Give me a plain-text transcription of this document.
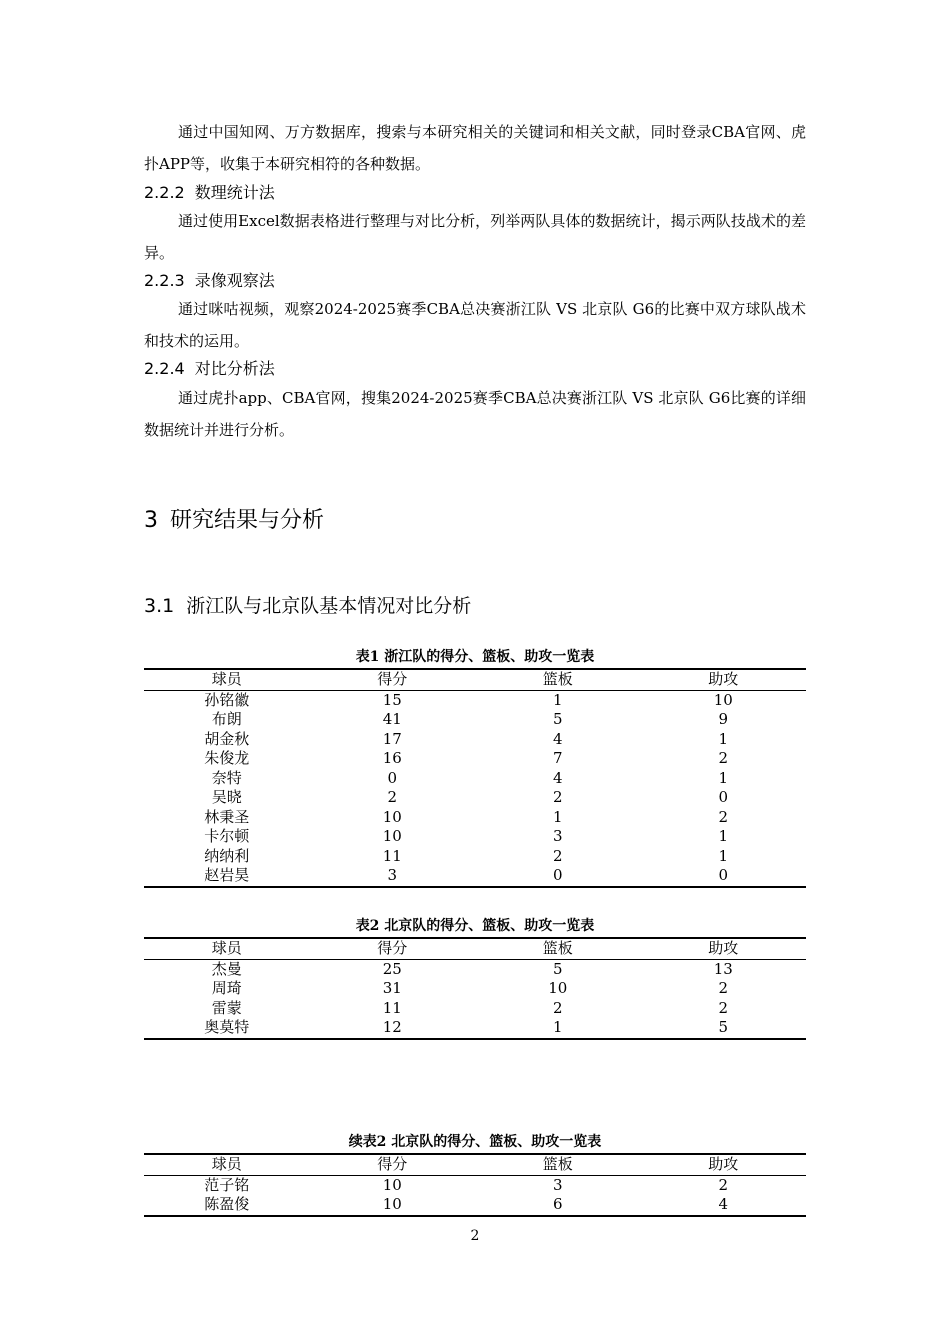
通过中国知网、万方数据库，搜索与本研究相关的关键词和相关文献，同时登录CBA官网、虎扑APP等，收集于本研究相符的各种数据。

2.2.2 数理统计法

通过使用Excel数据表格进行整理与对比分析，列举两队具体的数据统计，揭示两队技战术的差异。

2.2.3 录像观察法

通过咪咕视频，观察2024-2025赛季CBA总决赛浙江队 VS 北京队 G6的比赛中双方球队战术和技术的运用。

2.2.4 对比分析法

通过虎扑app、CBA官网，搜集2024-2025赛季CBA总决赛浙江队 VS 北京队 G6比赛的详细数据统计并进行分析。

3 研究结果与分析
3.1 浙江队与北京队基本情况对比分析
表1 浙江队的得分、篮板、助攻一览表
球员	得分	篮板	助攻
孙铭徽	15	1	10
布朗	41	5	9
胡金秋	17	4	1
朱俊龙	16	7	2
奈特	0	4	1
吴晓	2	2	0
林秉圣	10	1	2
卡尔顿	10	3	1
纳纳利	11	2	1
赵岩昊	3	0	0
表2 北京队的得分、篮板、助攻一览表
球员	得分	篮板	助攻
杰曼	25	5	13
周琦	31	10	2
雷蒙	11	2	2
奥莫特	12	1	5
续表2 北京队的得分、篮板、助攻一览表
球员	得分	篮板	助攻
范子铭	10	3	2
陈盈俊	10	6	4
2
